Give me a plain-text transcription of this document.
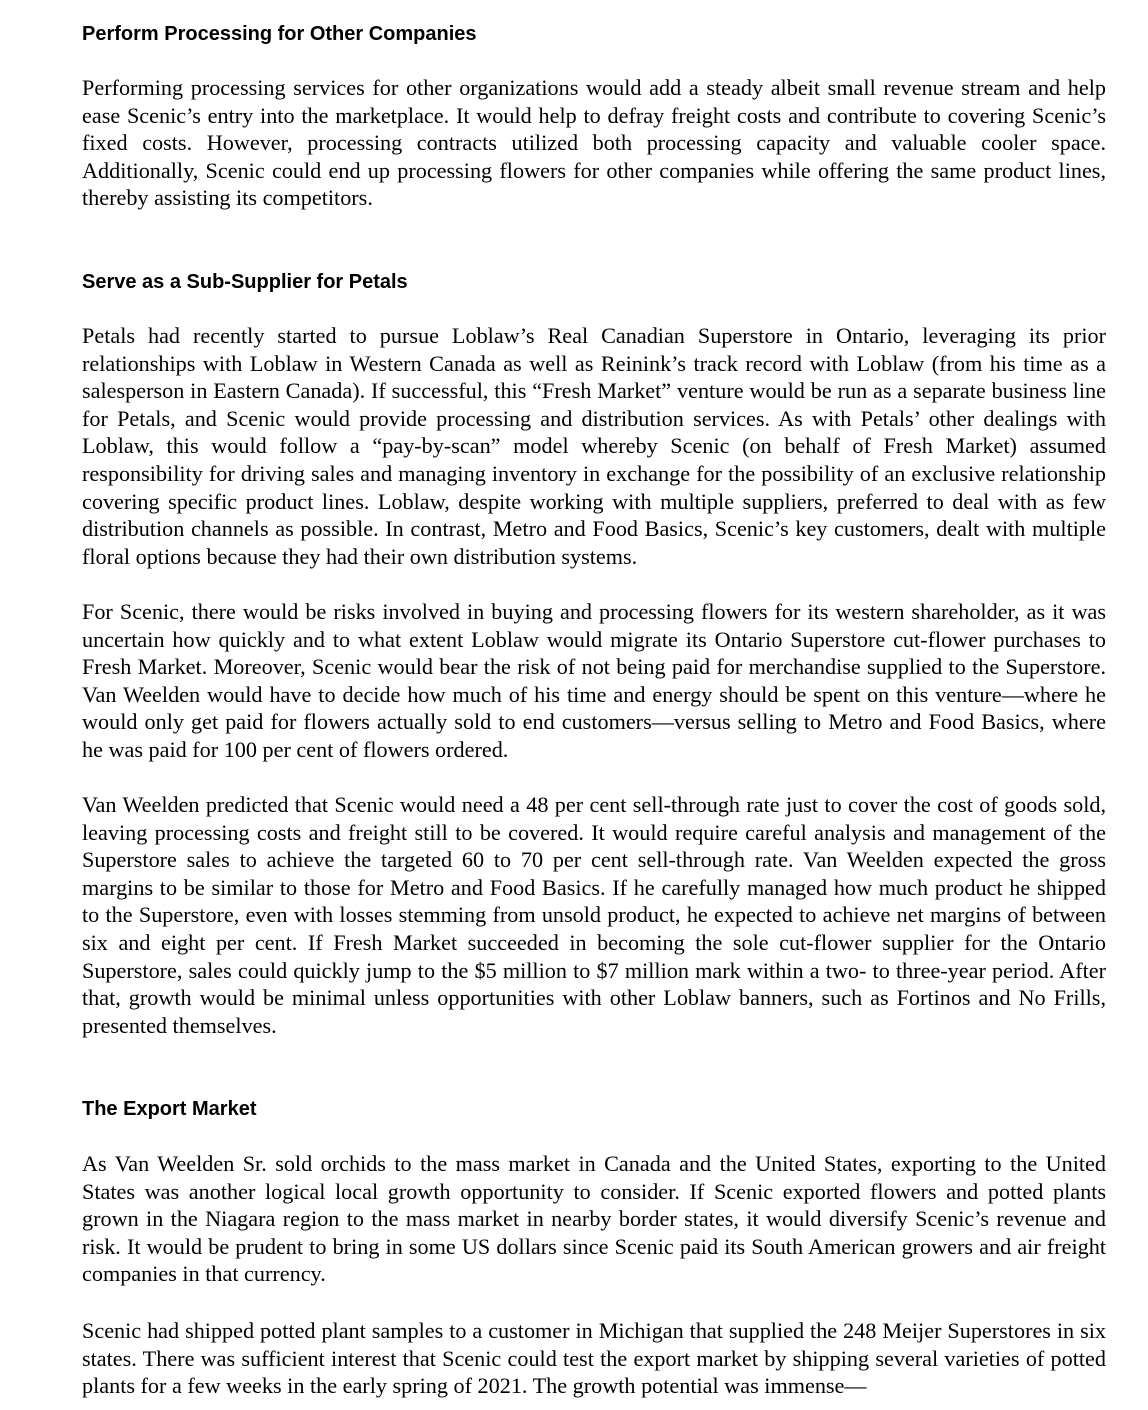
Perform Processing for Other Companies

Performing processing services for other organizations would add a steady albeit small revenue stream and help ease Scenic’s entry into the marketplace. It would help to defray freight costs and contribute to covering Scenic’s fixed costs. However, processing contracts utilized both processing capacity and valuable cooler space. Additionally, Scenic could end up processing flowers for other companies while offering the same product lines, thereby assisting its competitors.

Serve as a Sub-Supplier for Petals

Petals had recently started to pursue Loblaw’s Real Canadian Superstore in Ontario, leveraging its prior relationships with Loblaw in Western Canada as well as Reinink’s track record with Loblaw (from his time as a salesperson in Eastern Canada). If successful, this “Fresh Market” venture would be run as a separate business line for Petals, and Scenic would provide processing and distribution services. As with Petals’ other dealings with Loblaw, this would follow a “pay-by-scan” model whereby Scenic (on behalf of Fresh Market) assumed responsibility for driving sales and managing inventory in exchange for the possibility of an exclusive relationship covering specific product lines. Loblaw, despite working with multiple suppliers, preferred to deal with as few distribution channels as possible. In contrast, Metro and Food Basics, Scenic’s key customers, dealt with multiple floral options because they had their own distribution systems.

For Scenic, there would be risks involved in buying and processing flowers for its western shareholder, as it was uncertain how quickly and to what extent Loblaw would migrate its Ontario Superstore cut-flower purchases to Fresh Market. Moreover, Scenic would bear the risk of not being paid for merchandise supplied to the Superstore. Van Weelden would have to decide how much of his time and energy should be spent on this venture—where he would only get paid for flowers actually sold to end customers—versus selling to Metro and Food Basics, where he was paid for 100 per cent of flowers ordered.

Van Weelden predicted that Scenic would need a 48 per cent sell-through rate just to cover the cost of goods sold, leaving processing costs and freight still to be covered. It would require careful analysis and management of the Superstore sales to achieve the targeted 60 to 70 per cent sell-through rate. Van Weelden expected the gross margins to be similar to those for Metro and Food Basics. If he carefully managed how much product he shipped to the Superstore, even with losses stemming from unsold product, he expected to achieve net margins of between six and eight per cent. If Fresh Market succeeded in becoming the sole cut-flower supplier for the Ontario Superstore, sales could quickly jump to the $5 million to $7 million mark within a two- to three-year period. After that, growth would be minimal unless opportunities with other Loblaw banners, such as Fortinos and No Frills, presented themselves.

The Export Market

As Van Weelden Sr. sold orchids to the mass market in Canada and the United States, exporting to the United States was another logical local growth opportunity to consider. If Scenic exported flowers and potted plants grown in the Niagara region to the mass market in nearby border states, it would diversify Scenic’s revenue and risk. It would be prudent to bring in some US dollars since Scenic paid its South American growers and air freight companies in that currency.

Scenic had shipped potted plant samples to a customer in Michigan that supplied the 248 Meijer Superstores in six states. There was sufficient interest that Scenic could test the export market by shipping several varieties of potted plants for a few weeks in the early spring of 2021. The growth potential was immense—
